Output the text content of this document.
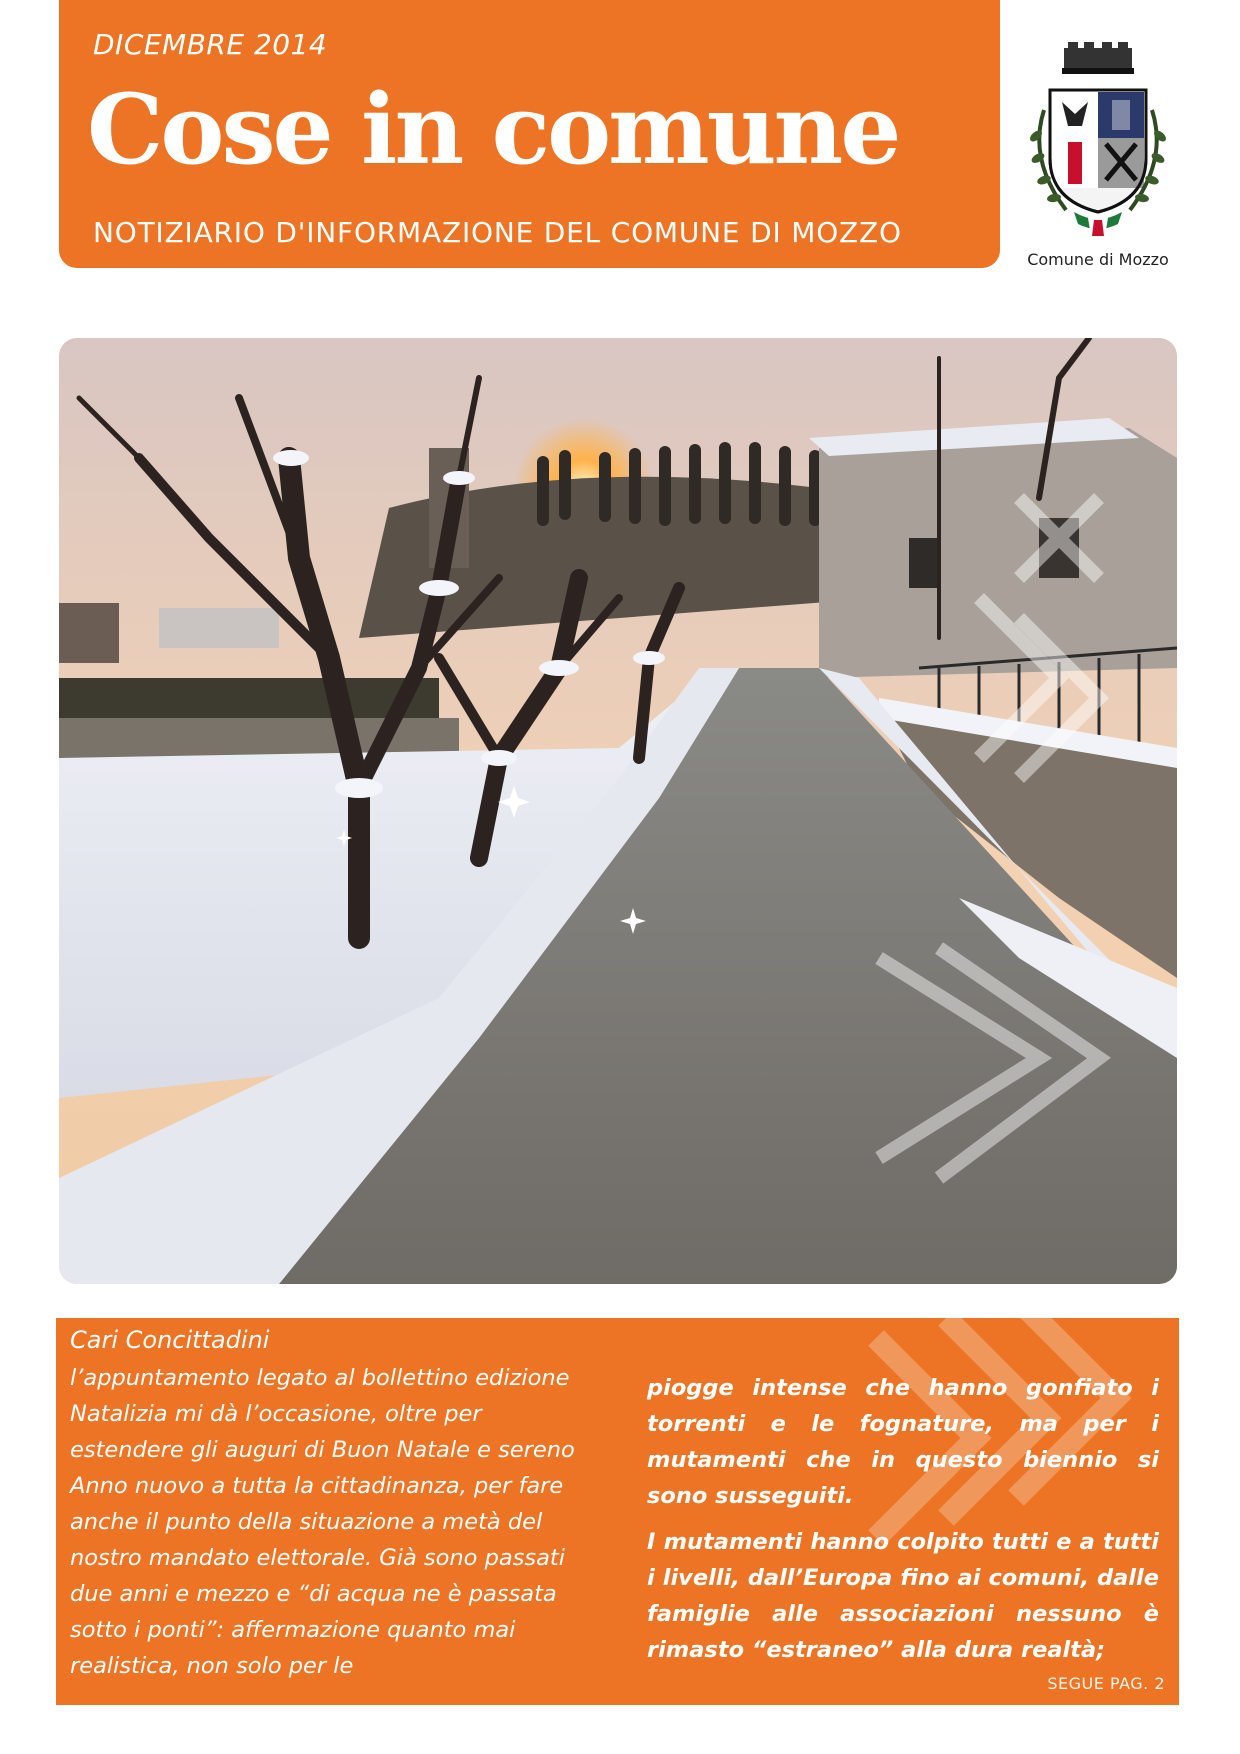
DICEMBRE 2014
Cose in comune
NOTIZIARIO D'INFORMAZIONE DEL COMUNE DI MOZZO
Comune di Mozzo
Cari Concittadini

l’appuntamento legato al bollettino edizione Natalizia mi dà l’occasione, oltre per estendere gli auguri di Buon Natale e sereno Anno nuovo a tutta la cittadinanza, per fare anche il punto della situazione a metà del nostro mandato elettorale. Già sono passati due anni e mezzo e “di acqua ne è passata sotto i ponti”: affermazione quanto mai realistica, non solo per le

piogge intense che hanno gonfiato i torrenti e le fognature, ma per i mutamenti che in questo biennio si sono susseguiti.

I mutamenti hanno colpito tutti e a tutti i livelli, dall’Europa fino ai comuni, dalle famiglie alle associazioni nessuno è rimasto “estraneo” alla dura realtà;

SEGUE PAG. 2
